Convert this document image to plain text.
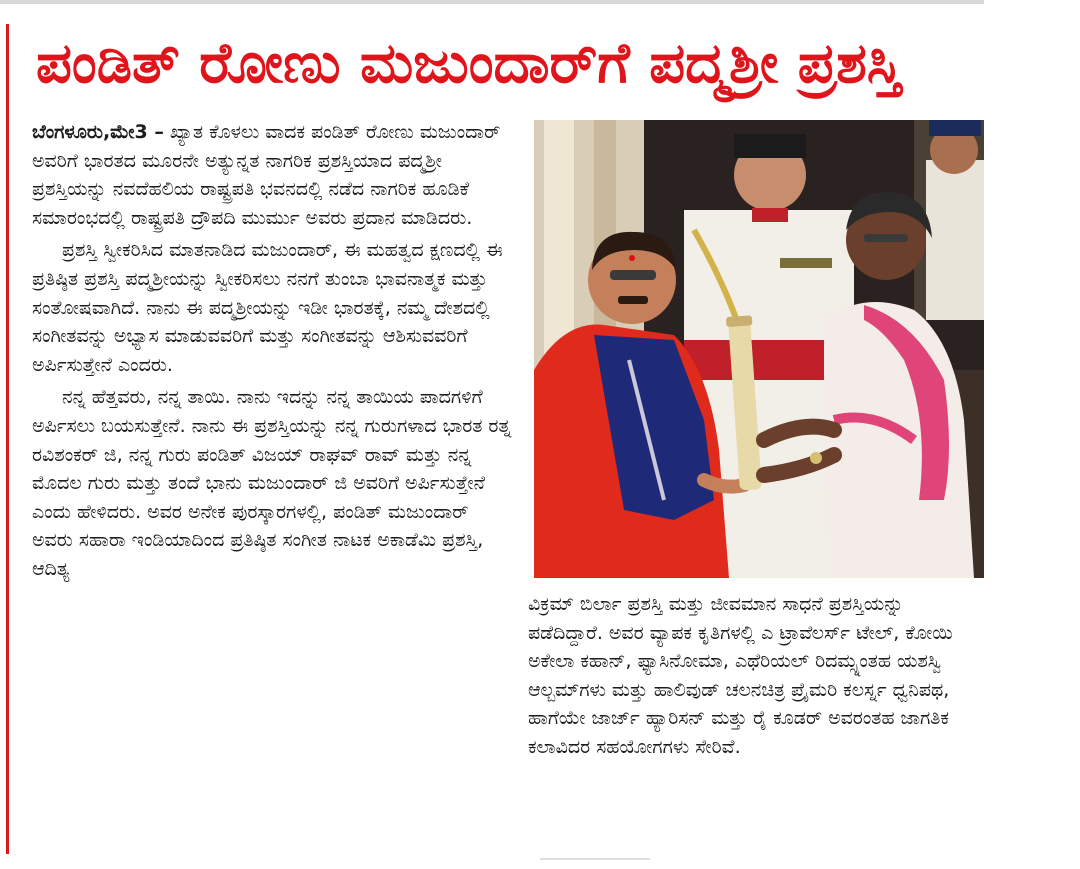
ಪಂಡಿತ್ ರೋಣು ಮಜುಂದಾರ್‌ಗೆ ಪದ್ಮಶ್ರೀ ಪ್ರಶಸ್ತಿ

ಬೆಂಗಳೂರು,ಮೇ3 – ಖ್ಯಾತ ಕೊಳಲು ವಾದಕ ಪಂಡಿತ್ ರೋಣು ಮಜುಂದಾರ್ ಅವರಿಗೆ ಭಾರತದ ಮೂರನೇ ಅತ್ಯುನ್ನತ ನಾಗರಿಕ ಪ್ರಶಸ್ತಿಯಾದ ಪದ್ಮಶ್ರೀ ಪ್ರಶಸ್ತಿಯನ್ನು ನವದೆಹಲಿಯ ರಾಷ್ಟ್ರಪತಿ ಭವನದಲ್ಲಿ ನಡೆದ ನಾಗರಿಕ ಹೂಡಿಕೆ ಸಮಾರಂಭದಲ್ಲಿ ರಾಷ್ಟ್ರಪತಿ ದ್ರೌಪದಿ ಮುರ್ಮು ಅವರು ಪ್ರದಾನ ಮಾಡಿದರು.

ಪ್ರಶಸ್ತಿ ಸ್ವೀಕರಿಸಿದ ಮಾತನಾಡಿದ ಮಜುಂದಾರ್, ಈ ಮಹತ್ವದ ಕ್ಷಣದಲ್ಲಿ ಈ ಪ್ರತಿಷ್ಠಿತ ಪ್ರಶಸ್ತಿ ಪದ್ಮಶ್ರೀಯನ್ನು ಸ್ವೀಕರಿಸಲು ನನಗೆ ತುಂಬಾ ಭಾವನಾತ್ಮಕ ಮತ್ತು ಸಂತೋಷವಾಗಿದೆ. ನಾನು ಈ ಪದ್ಮಶ್ರೀಯನ್ನು ಇಡೀ ಭಾರತಕ್ಕೆ, ನಮ್ಮ ದೇಶದಲ್ಲಿ ಸಂಗೀತವನ್ನು ಅಭ್ಯಾಸ ಮಾಡುವವರಿಗೆ ಮತ್ತು ಸಂಗೀತವನ್ನು ಆಶಿಸುವವರಿಗೆ ಅರ್ಪಿಸುತ್ತೇನೆ ಎಂದರು.

ನನ್ನ ಹೆತ್ತವರು, ನನ್ನ ತಾಯಿ. ನಾನು ಇದನ್ನು ನನ್ನ ತಾಯಿಯ ಪಾದಗಳಿಗೆ ಅರ್ಪಿಸಲು ಬಯಸುತ್ತೇನೆ. ನಾನು ಈ ಪ್ರಶಸ್ತಿಯನ್ನು ನನ್ನ ಗುರುಗಳಾದ ಭಾರತ ರತ್ನ ರವಿಶಂಕರ್ ಜಿ, ನನ್ನ ಗುರು ಪಂಡಿತ್ ವಿಜಯ್ ರಾಘವ್ ರಾವ್ ಮತ್ತು ನನ್ನ ಮೊದಲ ಗುರು ಮತ್ತು ತಂದೆ ಭಾನು ಮಜುಂದಾರ್ ಜಿ ಅವರಿಗೆ ಅರ್ಪಿಸುತ್ತೇನೆ ಎಂದು ಹೇಳಿದರು. ಅವರ ಅನೇಕ ಪುರಸ್ಕಾರಗಳಲ್ಲಿ, ಪಂಡಿತ್ ಮಜುಂದಾರ್ ಅವರು ಸಹಾರಾ ಇಂಡಿಯಾದಿಂದ ಪ್ರತಿಷ್ಠಿತ ಸಂಗೀತ ನಾಟಕ ಅಕಾಡೆಮಿ ಪ್ರಶಸ್ತಿ, ಆದಿತ್ಯ

ವಿಕ್ರಮ್ ಬಿರ್ಲಾ ಪ್ರಶಸ್ತಿ ಮತ್ತು ಜೀವಮಾನ ಸಾಧನೆ ಪ್ರಶಸ್ತಿಯನ್ನು ಪಡೆದಿದ್ದಾರೆ. ಅವರ ವ್ಯಾಪಕ ಕೃತಿಗಳಲ್ಲಿ ಎ ಟ್ರಾವೆಲರ್ಸ್ ಟೇಲ್, ಕೋಯಿ ಅಕೇಲಾ ಕಹಾನ್, ಫ್ಯಾಸಿನೋಮಾ, ಎಥೆರಿಯಲ್ ರಿದಮ್ಸ್ನಂತಹ ಯಶಸ್ವಿ ಆಲ್ಬಮ್‌ಗಳು ಮತ್ತು ಹಾಲಿವುಡ್ ಚಲನಚಿತ್ರ ಪ್ರೈಮರಿ ಕಲರ್ಸ್ನ ಧ್ವನಿಪಥ, ಹಾಗೆಯೇ ಜಾರ್ಜ್ ಹ್ಯಾರಿಸನ್ ಮತ್ತು ರೈ ಕೂಡರ್ ಅವರಂತಹ ಜಾಗತಿಕ ಕಲಾವಿದರ ಸಹಯೋಗಗಳು ಸೇರಿವೆ.
